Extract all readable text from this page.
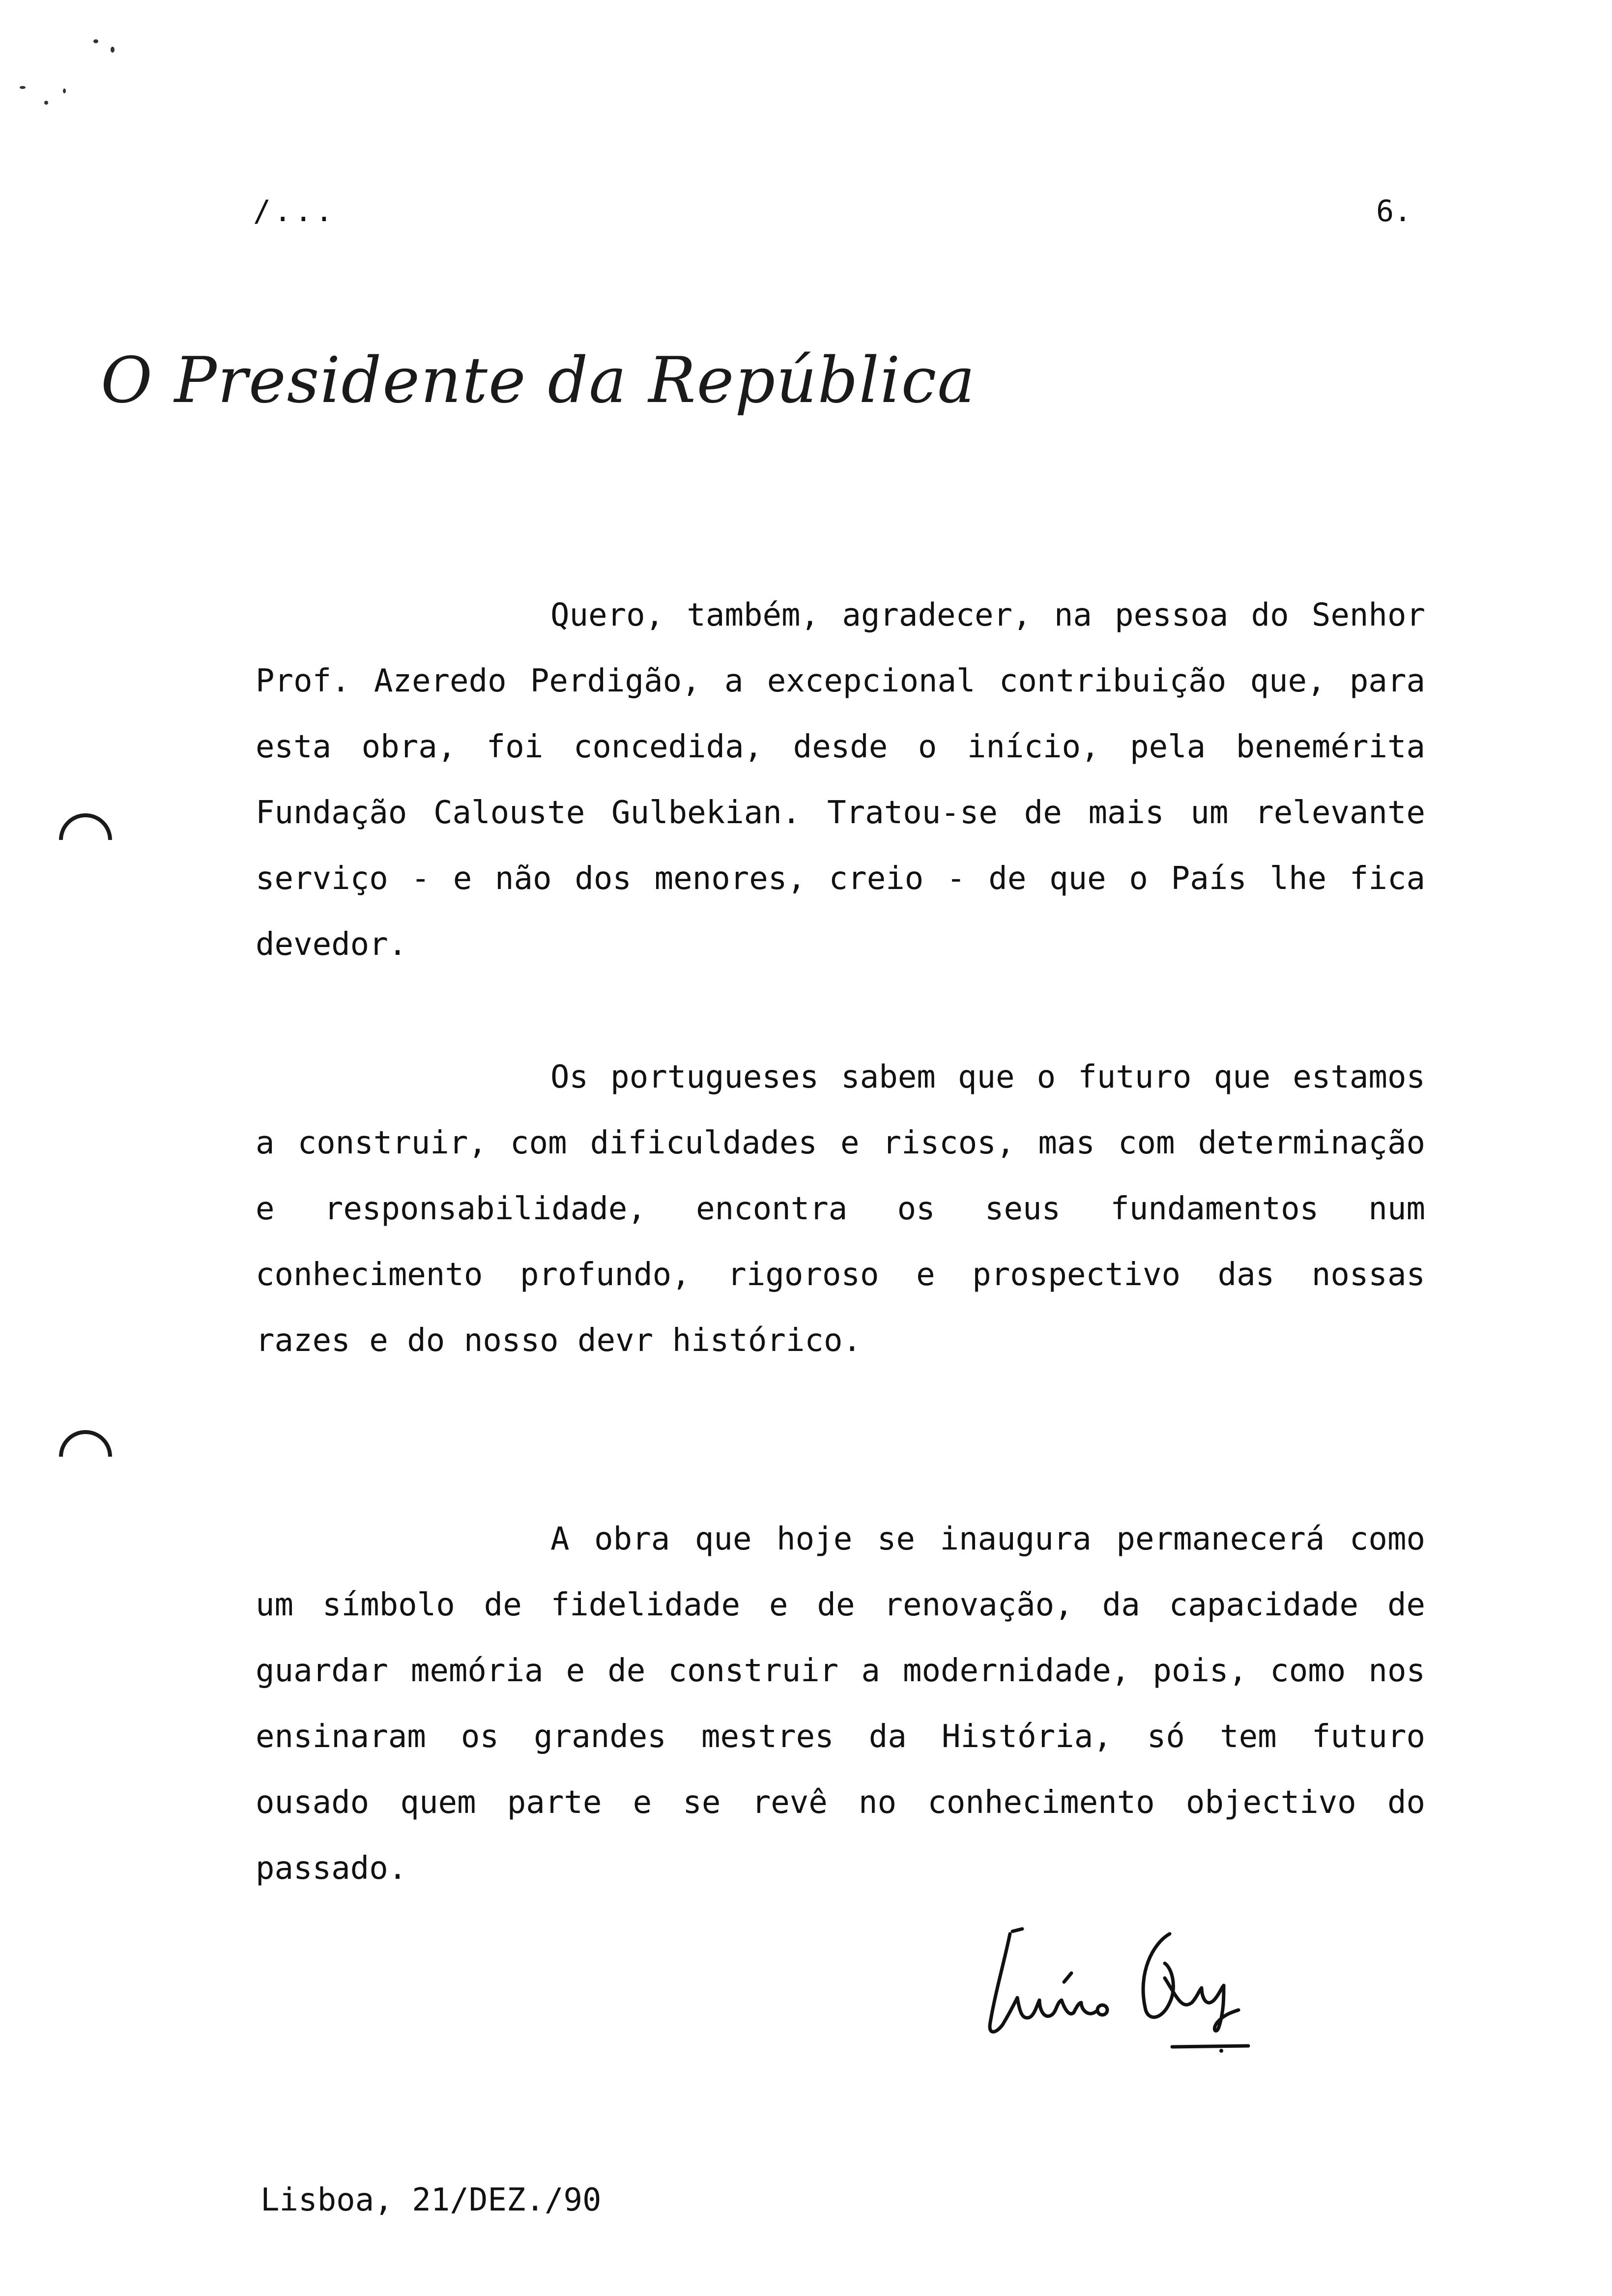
/...	6.
O Presidente da República

Quero, também, agradecer, na pessoa do Senhor Prof. Azeredo Perdigão, a excepcional contribuição que, para esta obra, foi concedida, desde o início, pela benemérita Fundação Calouste Gulbekian. Tratou-se de mais um relevante serviço - e não dos menores, creio - de que o País lhe fica devedor.

Os portugueses sabem que o futuro que estamos a construir, com dificuldades e riscos, mas com determinação e responsabilidade, encontra os seus fundamentos num conhecimento profundo, rigoroso e prospectivo das nossas razes e do nosso devr histórico.

A obra que hoje se inaugura permanecerá como um símbolo de fidelidade e de renovação, da capacidade de guardar memória e de construir a modernidade, pois, como nos ensinaram os grandes mestres da História, só tem futuro ousado quem parte e se revê no conhecimento objectivo do passado.

Lisboa, 21/DEZ./90
